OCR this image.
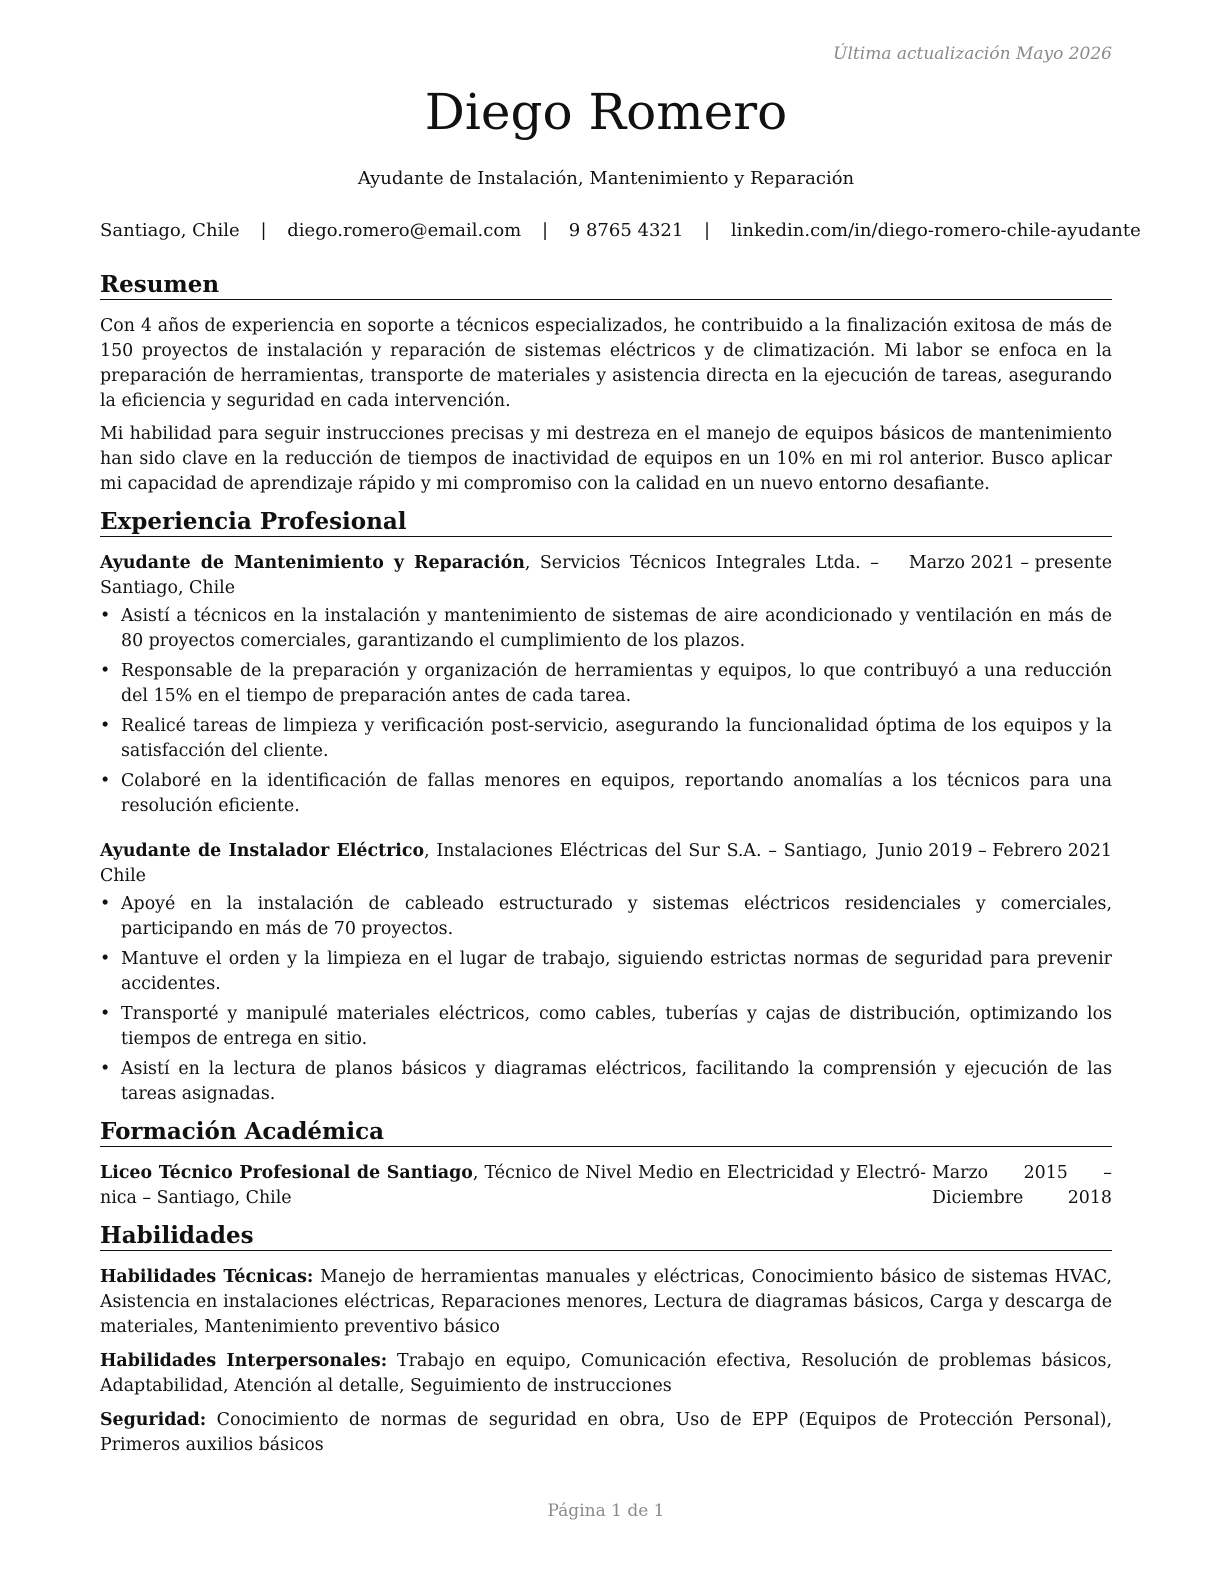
Última actualización Mayo 2026
Diego Romero
Ayudante de Instalación, Mantenimiento y Reparación
Santiago, Chile | diego.romero@email.com | 9 8765 4321 | linkedin.com/in/diego-romero-chile-ayudante
Resumen

Con 4 años de experiencia en soporte a técnicos especializados, he contribuido a la finalización exitosa de más de 150 proyectos de instalación y reparación de sistemas eléctricos y de climatización. Mi labor se enfoca en la preparación de herramientas, transporte de materiales y asistencia directa en la ejecución de tareas, asegurando la eficiencia y seguridad en cada intervención.

Mi habilidad para seguir instrucciones precisas y mi destreza en el manejo de equipos básicos de mantenimiento han sido clave en la reducción de tiempos de inactividad de equipos en un 10% en mi rol anterior. Busco aplicar mi capacidad de aprendizaje rápido y mi compromiso con la calidad en un nuevo entorno desafiante.

Experiencia Profesional
Ayudante de Mantenimiento y Reparación, Servicios Técnicos Integrales Ltda. – Santiago, Chile
Marzo 2021 – presente
• Asistí a técnicos en la instalación y mantenimiento de sistemas de aire acondicionado y ventilación en más de 80 proyectos comerciales, garantizando el cumplimiento de los plazos.
• Responsable de la preparación y organización de herramientas y equipos, lo que contribuyó a una reducción del 15% en el tiempo de preparación antes de cada tarea.
• Realicé tareas de limpieza y verificación post-servicio, asegurando la funcionalidad óptima de los equipos y la satisfacción del cliente.
• Colaboré en la identificación de fallas menores en equipos, reportando anomalías a los técnicos para una resolución eficiente.
Ayudante de Instalador Eléctrico, Instalaciones Eléctricas del Sur S.A. – Santiago, Chile
Junio 2019 – Febrero 2021
• Apoyé en la instalación de cableado estructurado y sistemas eléctricos residenciales y comerciales, participando en más de 70 proyectos.
• Mantuve el orden y la limpieza en el lugar de trabajo, siguiendo estrictas normas de seguridad para prevenir accidentes.
• Transporté y manipulé materiales eléctricos, como cables, tuberías y cajas de distribución, optimizando los tiempos de entrega en sitio.
• Asistí en la lectura de planos básicos y diagramas eléctricos, facilitando la comprensión y ejecución de las tareas asignadas.
Formación Académica
Liceo Técnico Profesional de Santiago, Técnico de Nivel Medio en Electricidad y Electrónica – Santiago, Chile
Marzo 2015 – Diciembre 2018
Habilidades

Habilidades Técnicas: Manejo de herramientas manuales y eléctricas, Conocimiento básico de sistemas HVAC, Asistencia en instalaciones eléctricas, Reparaciones menores, Lectura de diagramas básicos, Carga y descarga de materiales, Mantenimiento preventivo básico

Habilidades Interpersonales: Trabajo en equipo, Comunicación efectiva, Resolución de problemas básicos, Adaptabilidad, Atención al detalle, Seguimiento de instrucciones

Seguridad: Conocimiento de normas de seguridad en obra, Uso de EPP (Equipos de Protección Personal), Primeros auxilios básicos

Página 1 de 1
